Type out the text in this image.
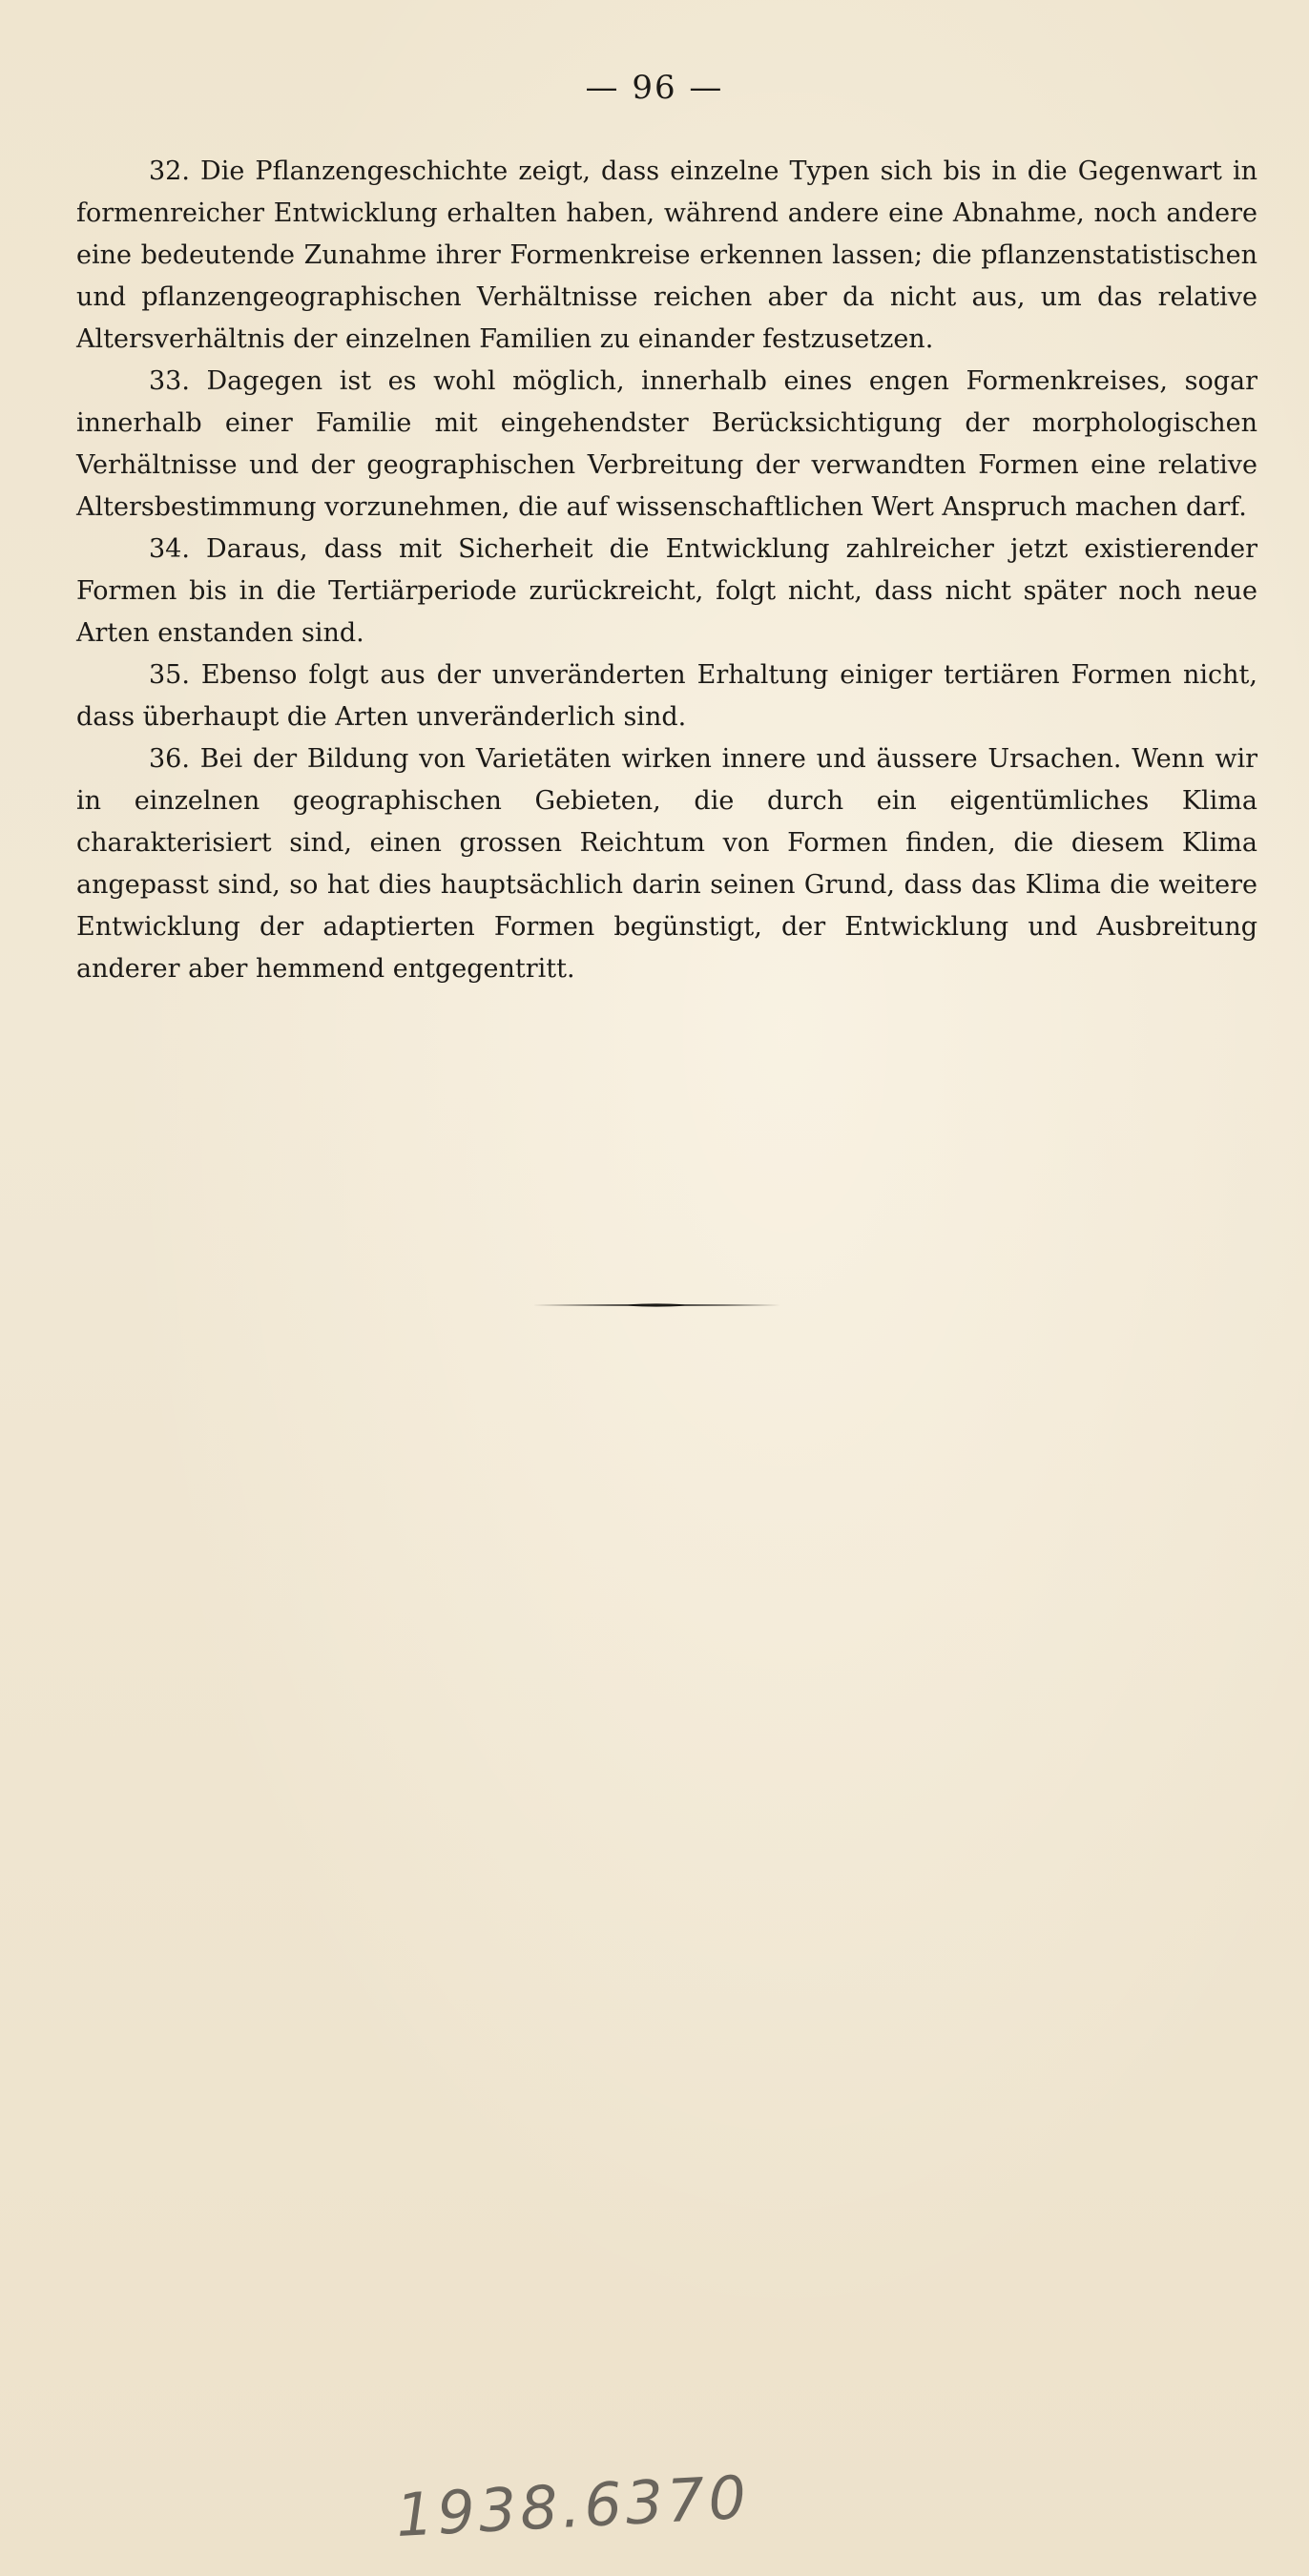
— 96 —

32. Die Pflanzengeschichte zeigt, dass einzelne Typen sich bis in die Gegenwart in formenreicher Entwicklung erhalten haben, während andere eine Abnahme, noch andere eine bedeutende Zunahme ihrer Formenkreise erkennen lassen; die pflanzenstatistischen und pflanzengeographischen Verhältnisse reichen aber da nicht aus, um das relative Altersverhältnis der einzelnen Familien zu einander festzusetzen.

33. Dagegen ist es wohl möglich, innerhalb eines engen Formenkreises, sogar innerhalb einer Familie mit eingehendster Berücksichtigung der morphologischen Verhältnisse und der geographischen Verbreitung der verwandten Formen eine relative Altersbestimmung vorzunehmen, die auf wissenschaftlichen Wert Anspruch machen darf.

34. Daraus, dass mit Sicherheit die Entwicklung zahlreicher jetzt existierender Formen bis in die Tertiärperiode zurückreicht, folgt nicht, dass nicht später noch neue Arten enstanden sind.

35. Ebenso folgt aus der unveränderten Erhaltung einiger tertiären Formen nicht, dass überhaupt die Arten unveränderlich sind.

36. Bei der Bildung von Varietäten wirken innere und äussere Ursachen. Wenn wir in einzelnen geographischen Gebieten, die durch ein eigentümliches Klima charakterisiert sind, einen grossen Reichtum von Formen finden, die diesem Klima angepasst sind, so hat dies hauptsächlich darin seinen Grund, dass das Klima die weitere Entwicklung der adaptierten Formen begünstigt, der Entwicklung und Ausbreitung anderer aber hemmend entgegentritt.

1938.6370
